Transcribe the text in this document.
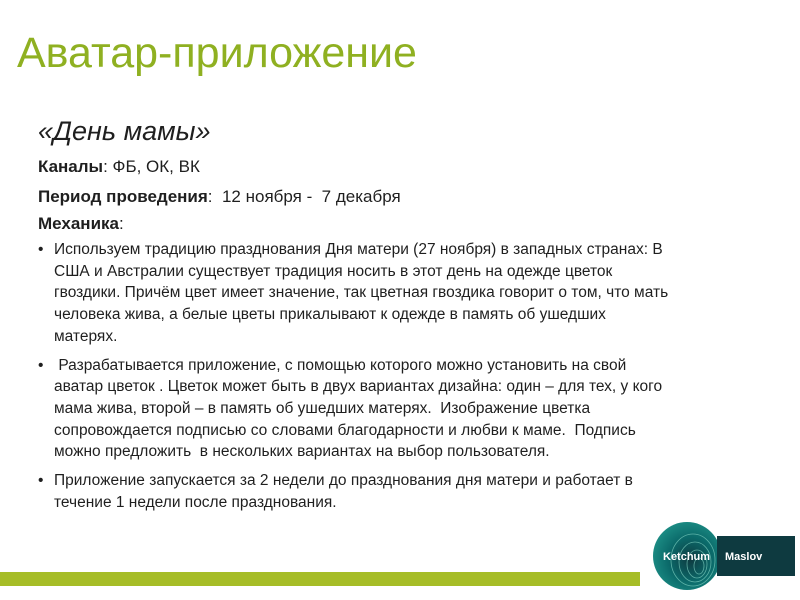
Аватар-приложение
«День мамы»
Каналы: ФБ, ОК, ВК
Период проведения:  12 ноября -  7 декабря
Механика:
• Используем традицию празднования Дня матери (27 ноября) в западных странах: В США и Австралии существует традиция носить в этот день на одежде цветок гвоздики. Причём цвет имеет значение, так цветная гвоздика говорит о том, что мать человека жива, а белые цветы прикалывают к одежде в память об ушедших матерях.
• Разрабатывается приложение, с помощью которого можно установить на свой аватар цветок . Цветок может быть в двух вариантах дизайна: один – для тех, у кого мама жива, второй – в память об ушедших матерях.  Изображение цветка сопровождается подписью со словами благодарности и любви к маме.  Подпись можно предложить  в нескольких вариантах на выбор пользователя.
• Приложение запускается за 2 недели до празднования дня матери и работает в течение 1 недели после празднования.
Ketchum Maslov
